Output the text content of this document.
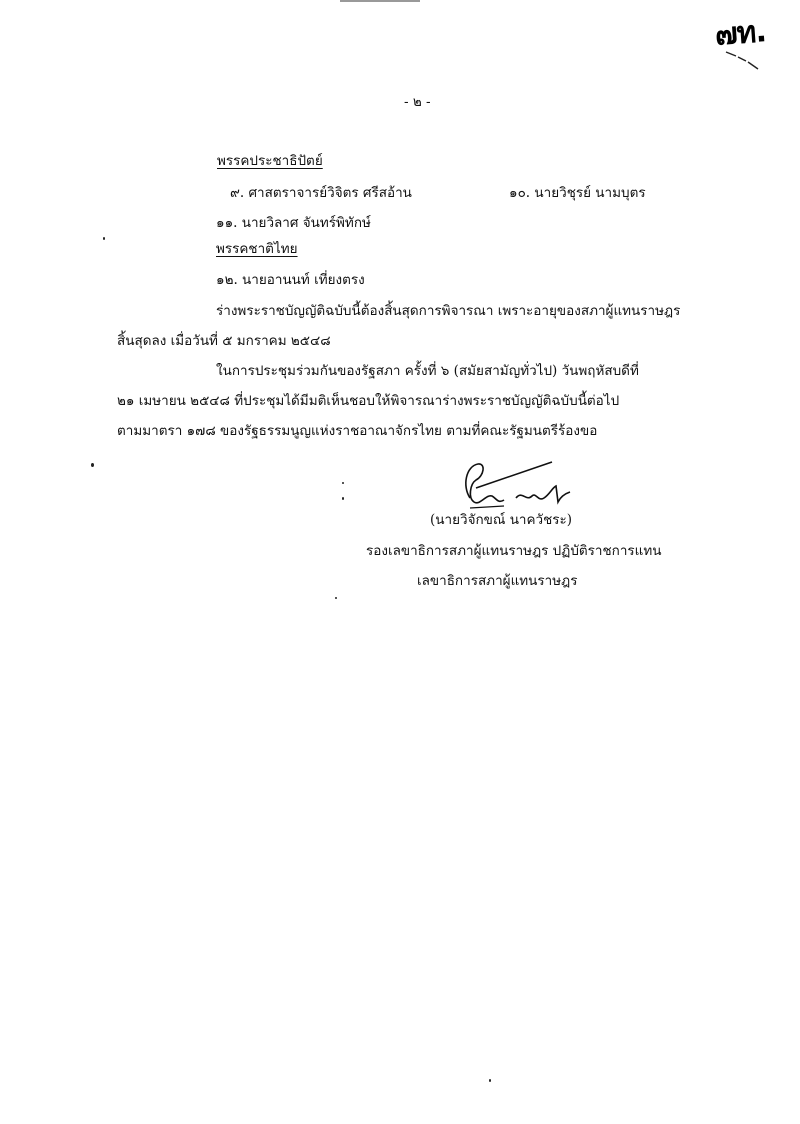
๗ท.
- ๒ -
พรรคประชาธิปัตย์
๙. ศาสตราจารย์วิจิตร ศรีสอ้าน	๑๐. นายวิชุรย์ นามบุตร
๑๑. นายวิลาศ จันทร์พิทักษ์
พรรคชาติไทย
๑๒. นายอานนท์ เที่ยงตรง
ร่างพระราชบัญญัติฉบับนี้ต้องสิ้นสุดการพิจารณา เพราะอายุของสภาผู้แทนราษฎร
สิ้นสุดลง เมื่อวันที่ ๕ มกราคม ๒๕๔๘
ในการประชุมร่วมกันของรัฐสภา ครั้งที่ ๖ (สมัยสามัญทั่วไป) วันพฤหัสบดีที่
๒๑ เมษายน ๒๕๔๘ ที่ประชุมได้มีมติเห็นชอบให้พิจารณาร่างพระราชบัญญัติฉบับนี้ต่อไป
ตามมาตรา ๑๗๘ ของรัฐธรรมนูญแห่งราชอาณาจักรไทย ตามที่คณะรัฐมนตรีร้องขอ
(นายวิจักขณ์ นาควัชระ)
รองเลขาธิการสภาผู้แทนราษฎร ปฏิบัติราชการแทน
เลขาธิการสภาผู้แทนราษฎร
